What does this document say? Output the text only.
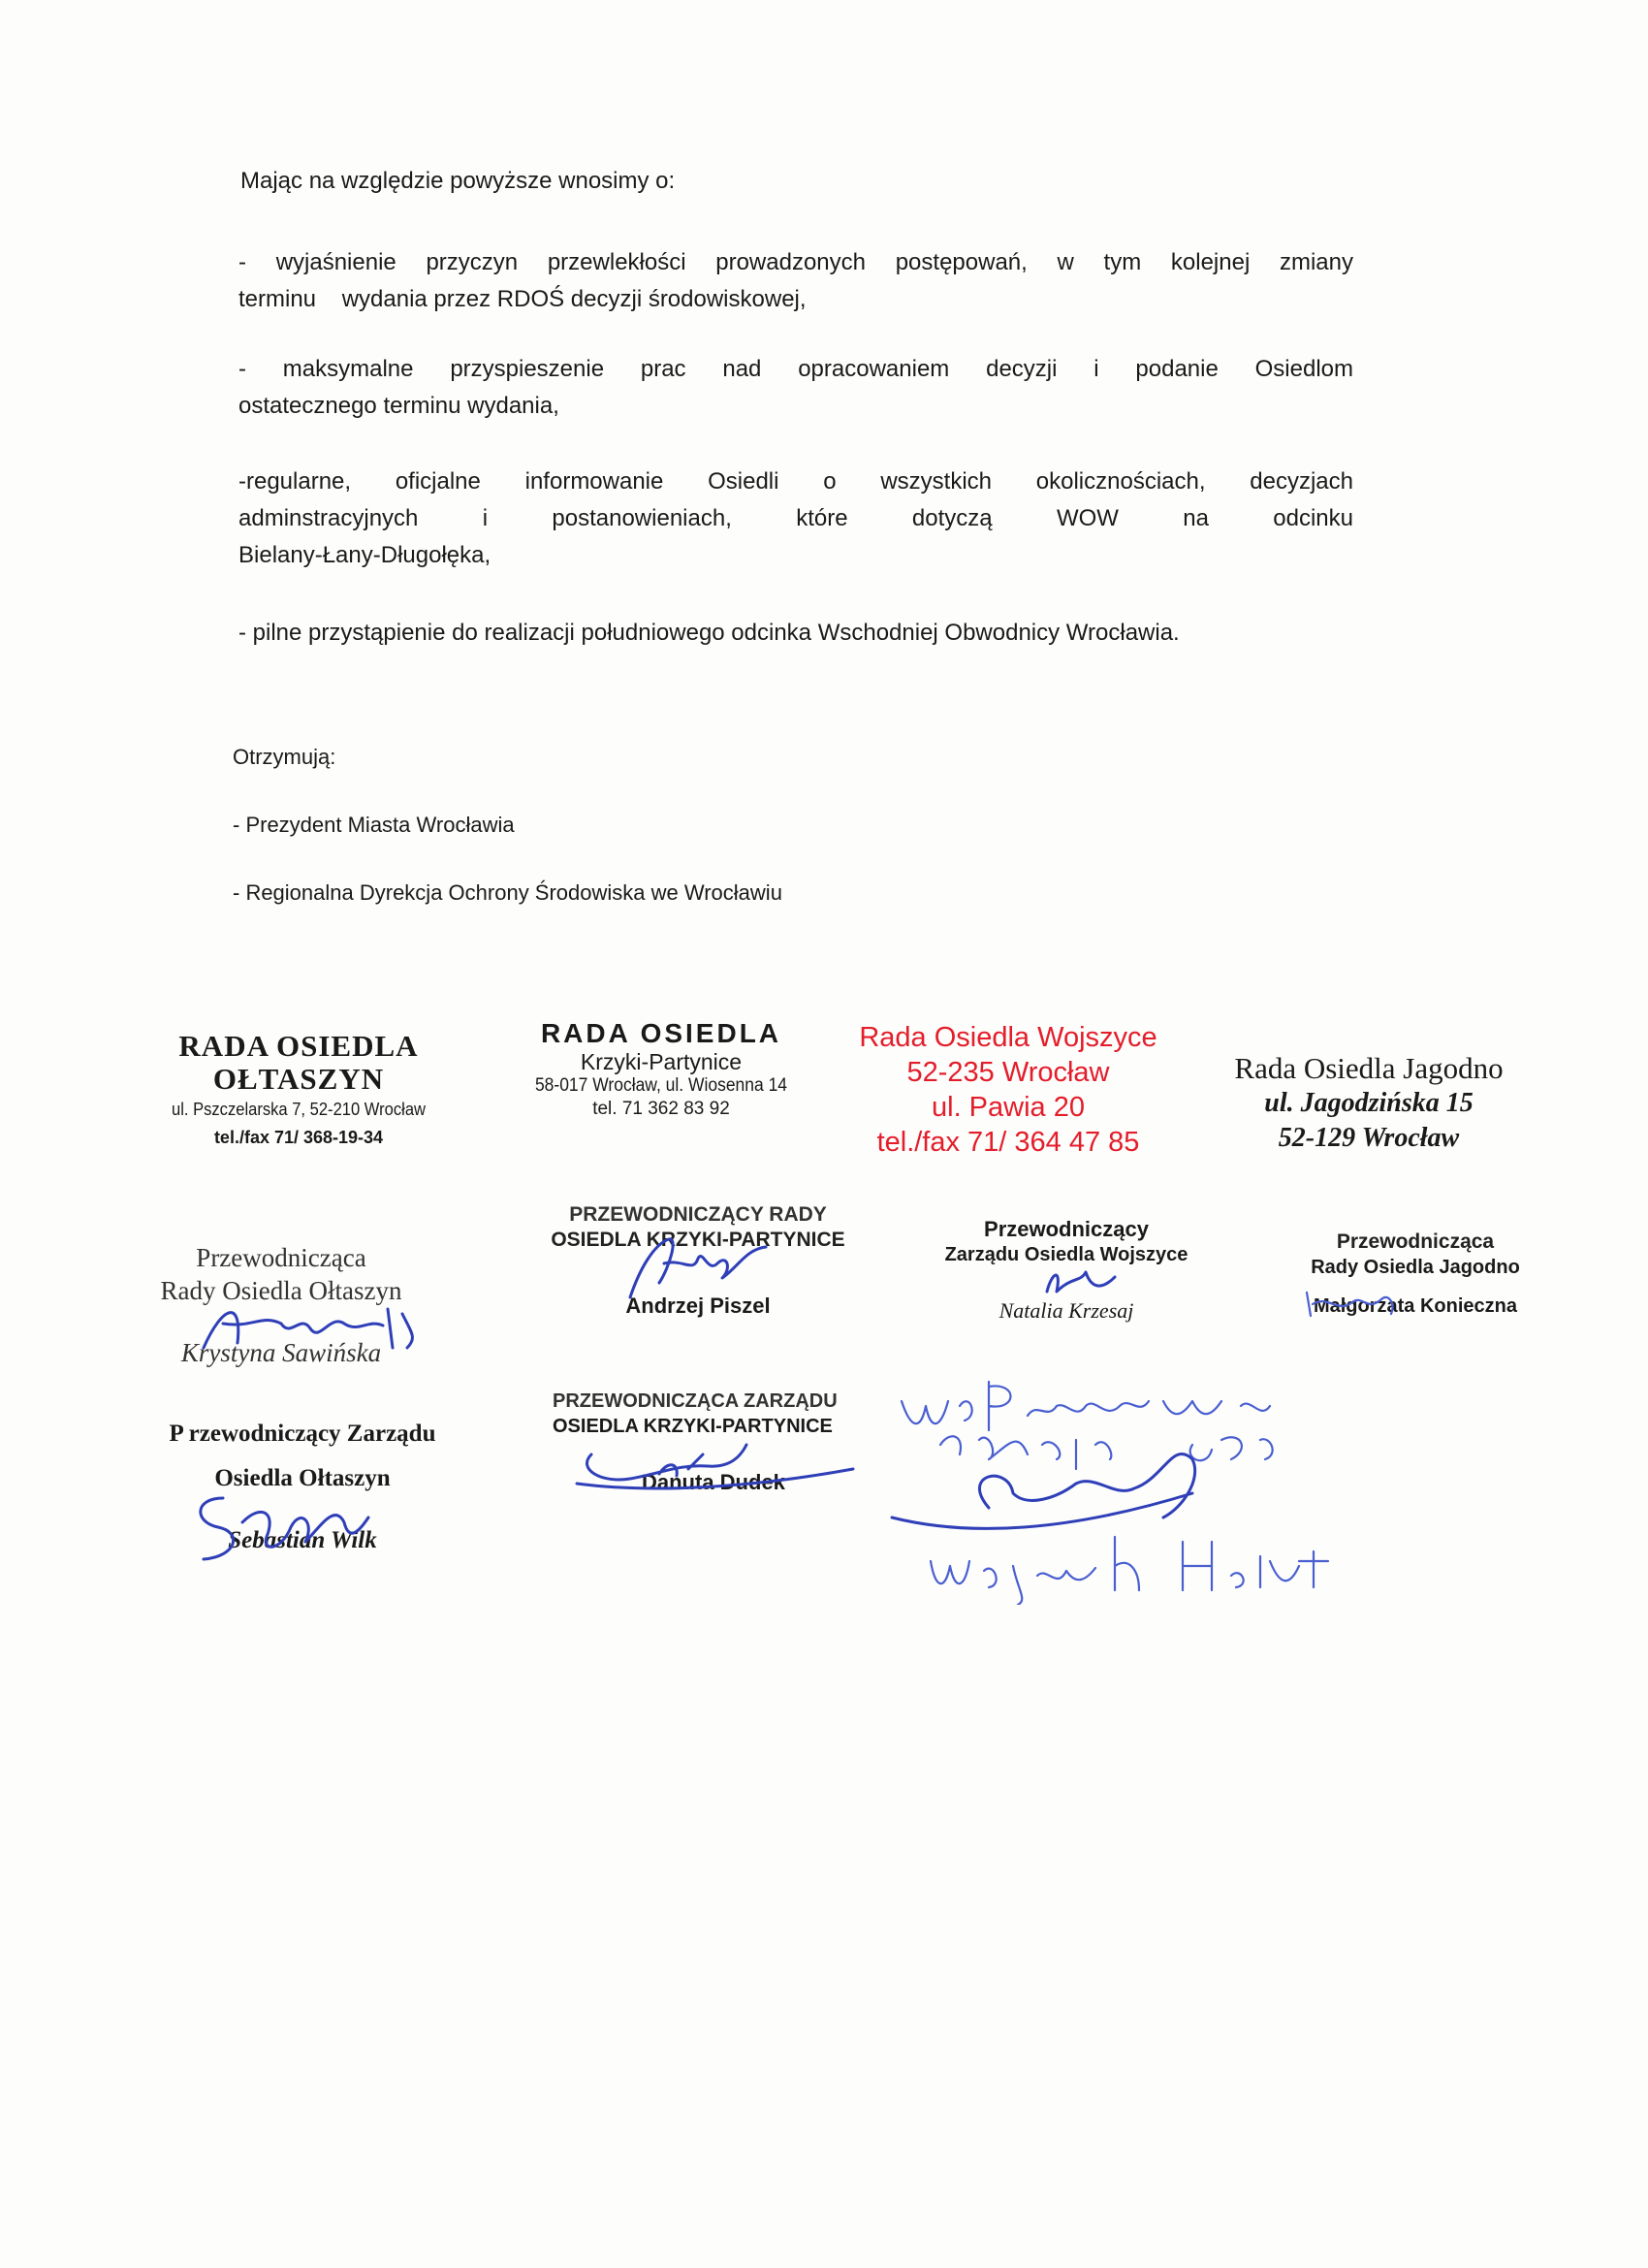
Mając na względzie powyższe wnosimy o:

- wyjaśnienie przyczyn przewlekłości prowadzonych postępowań, w tym kolejnej zmiany
terminu    wydania przez RDOŚ decyzji środowiskowej,

- maksymalne przyspieszenie prac nad opracowaniem decyzji i podanie Osiedlom
ostatecznego terminu wydania,

-regularne, oficjalne informowanie Osiedli o wszystkich okolicznościach, decyzjach
adminstracyjnych i postanowieniach, które dotyczą WOW na odcinku
Bielany-Łany-Długołęka,

- pilne przystąpienie do realizacji południowego odcinka Wschodniej Obwodnicy Wrocławia.

Otrzymują:

- Prezydent Miasta Wrocławia

- Regionalna Dyrekcja Ochrony Środowiska we Wrocławiu

RADA OSIEDLA
OŁTASZYN
ul. Pszczelarska 7, 52-210 Wrocław
tel./fax 71/ 368-19-34
RADA OSIEDLA
Krzyki-Partynice
58-017 Wrocław, ul. Wiosenna 14
tel. 71 362 83 92
Rada Osiedla Wojszyce
52-235 Wrocław
ul. Pawia 20
tel./fax 71/ 364 47 85
Rada Osiedla Jagodno
ul. Jagodzińska 15
52-129 Wrocław
Przewodnicząca
Rady Osiedla Ołtaszyn
Krystyna Sawińska
P rzewodniczący Zarządu
Osiedla Ołtaszyn
Sebastian Wilk
PRZEWODNICZĄCY RADY
OSIEDLA KRZYKI-PARTYNICE
Andrzej Piszel
PRZEWODNICZĄCA ZARZĄDU
OSIEDLA KRZYKI-PARTYNICE
Danuta Dudek
Przewodniczący
Zarządu Osiedla Wojszyce
Natalia Krzesaj
Przewodnicząca
Rady Osiedla Jagodno
Małgorzata Konieczna
